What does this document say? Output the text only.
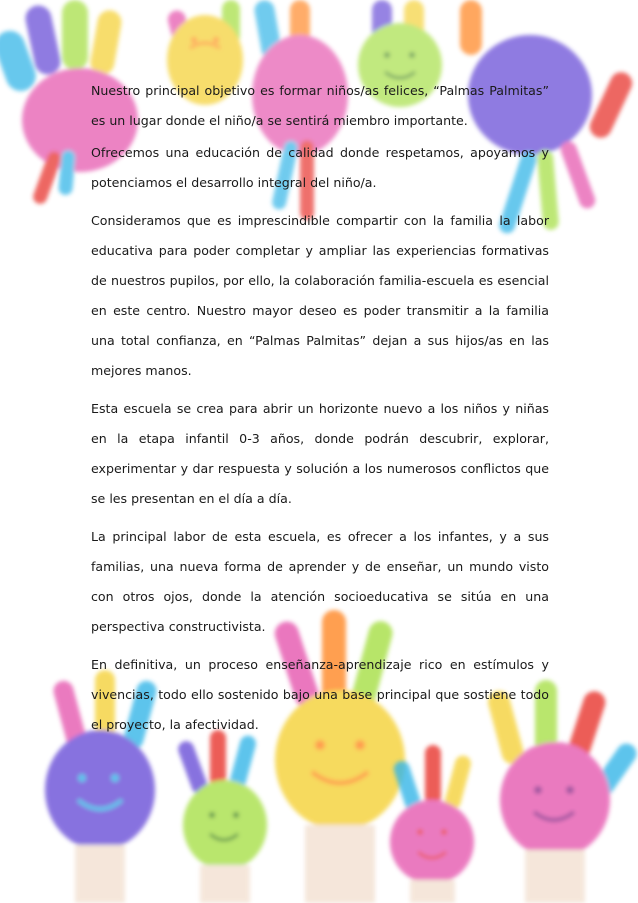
Nuestro principal objetivo es formar niños/as felices, “Palmas Palmitas” es un lugar donde el niño/a se sentirá miembro importante.

Ofrecemos una educación de calidad donde respetamos, apoyamos y potenciamos el desarrollo integral del niño/a.

Consideramos que es imprescindible compartir con la familia la labor educativa para poder completar y ampliar las experiencias formativas de nuestros pupilos, por ello, la colaboración familia-escuela es esencial en este centro. Nuestro mayor deseo es poder transmitir a la familia una total confianza, en “Palmas Palmitas” dejan a sus hijos/as en las mejores manos.

Esta escuela se crea para abrir un horizonte nuevo a los niños y niñas en la etapa infantil 0-3 años, donde podrán descubrir, explorar, experimentar y dar respuesta y solución a los numerosos conflictos que se les presentan en el día a día.

La principal labor de esta escuela, es ofrecer a los infantes, y a sus familias, una nueva forma de aprender y de enseñar, un mundo visto con otros ojos, donde la atención socioeducativa se sitúa en una perspectiva constructivista.

En definitiva, un proceso enseñanza-aprendizaje rico en estímulos y vivencias, todo ello sostenido bajo una base principal que sostiene todo el proyecto, la afectividad.
